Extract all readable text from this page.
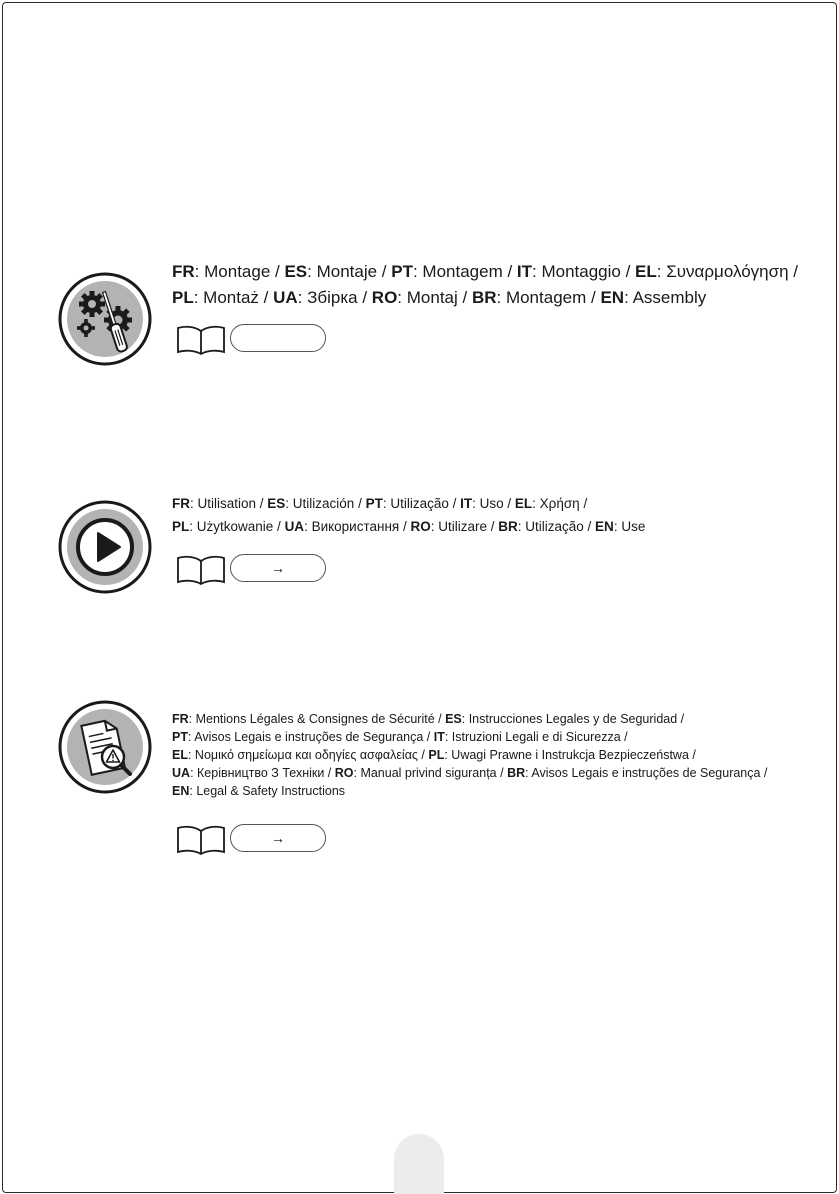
FR: Montage / ES: Montaje / PT: Montagem / IT: Montaggio / EL: Συναρμολόγηση /
PL: Montaż / UA: Збірка / RO: Montaj / BR: Montagem / EN: Assembly
FR: Utilisation / ES: Utilización / PT: Utilização / IT: Uso / EL: Χρήση /
PL: Użytkowanie / UA: Використання / RO: Utilizare / BR: Utilização / EN: Use
→
FR: Mentions Légales & Consignes de Sécurité / ES: Instrucciones Legales y de Seguridad /
PT: Avisos Legais e instruções de Segurança / IT: Istruzioni Legali e di Sicurezza /
EL: Νομικό σημείωμα και οδηγίες ασφαλείας / PL: Uwagi Prawne i Instrukcja Bezpieczeństwa /
UA: Керівництво З Техніки / RO: Manual privind siguranța / BR: Avisos Legais e instruções de Segurança /
EN: Legal & Safety Instructions
→
